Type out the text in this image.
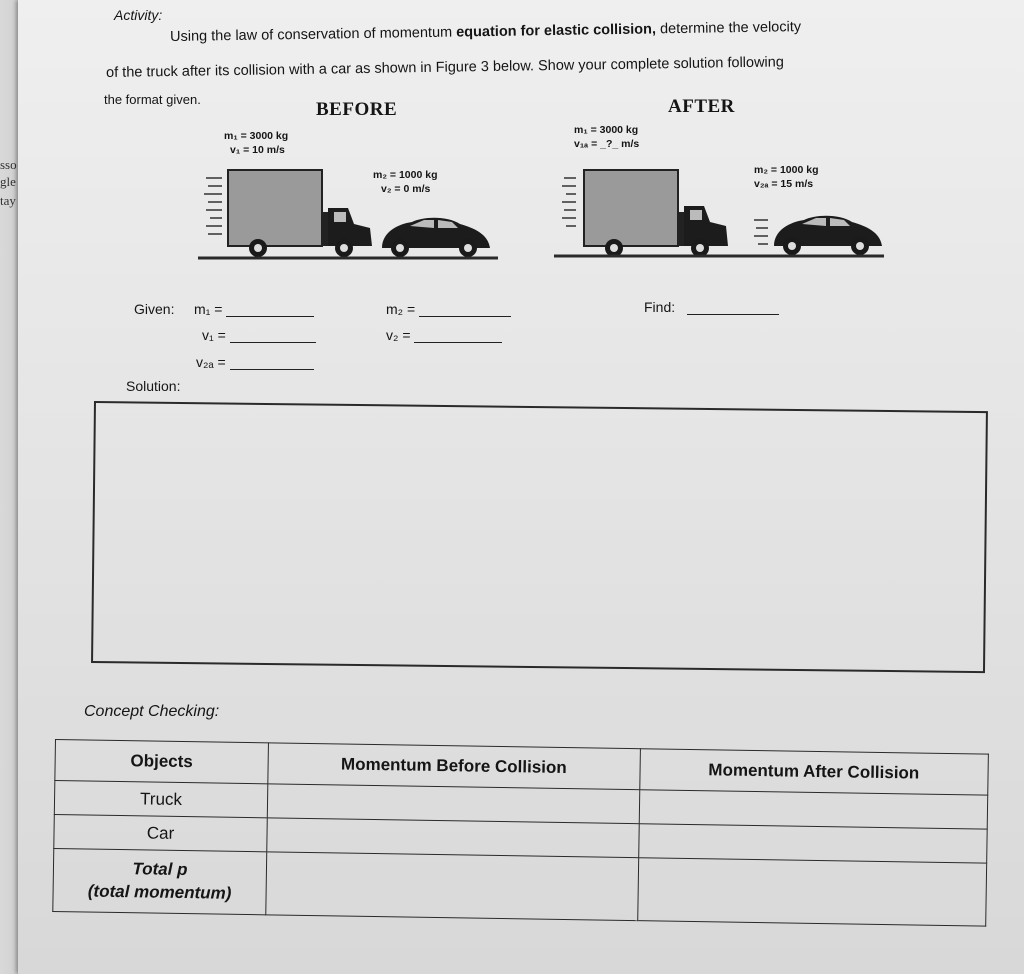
sso
gle
tay
Activity:
Using the law of conservation of momentum equation for elastic collision, determine the velocity
of the truck after its collision with a car as shown in Figure 3 below. Show your complete solution following
the format given.	BEFORE
m₁ = 3000 kg
v₁ = 10 m/s
m₂ = 1000 kg
v₂ = 0 m/s
AFTER
m₁ = 3000 kg
v₁ₐ = _?_ m/s
m₂ = 1000 kg
v₂ₐ = 15 m/s
Given: m₁ =
v₁ =
v₂ₐ =
m₂ =
v₂ =
Find:
Solution:
Concept Checking:
Objects	Momentum Before Collision	Momentum After Collision
Truck		
Car		

Total p
(total momentum)		
